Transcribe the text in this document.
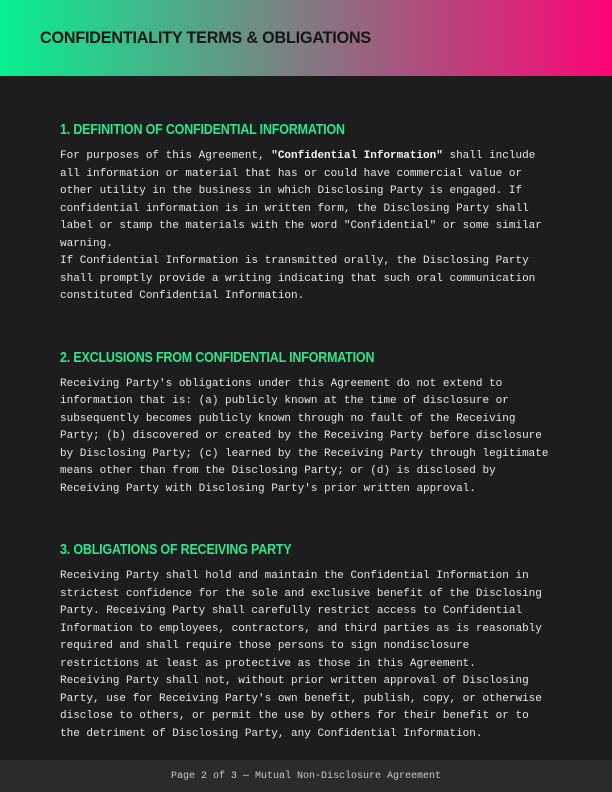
CONFIDENTIALITY TERMS & OBLIGATIONS
1. DEFINITION OF CONFIDENTIAL INFORMATION

For purposes of this Agreement, "Confidential Information" shall include all information or material that has or could have commercial value or other utility in the business in which Disclosing Party is engaged. If confidential information is in written form, the Disclosing Party shall label or stamp the materials with the word "Confidential" or some similar warning.

If Confidential Information is transmitted orally, the Disclosing Party shall promptly provide a writing indicating that such oral communication constituted Confidential Information.

2. EXCLUSIONS FROM CONFIDENTIAL INFORMATION

Receiving Party's obligations under this Agreement do not extend to information that is: (a) publicly known at the time of disclosure or subsequently becomes publicly known through no fault of the Receiving Party; (b) discovered or created by the Receiving Party before disclosure by Disclosing Party; (c) learned by the Receiving Party through legitimate means other than from the Disclosing Party; or (d) is disclosed by Receiving Party with Disclosing Party's prior written approval.

3. OBLIGATIONS OF RECEIVING PARTY

Receiving Party shall hold and maintain the Confidential Information in strictest confidence for the sole and exclusive benefit of the Disclosing Party. Receiving Party shall carefully restrict access to Confidential Information to employees, contractors, and third parties as is reasonably required and shall require those persons to sign nondisclosure restrictions at least as protective as those in this Agreement.

Receiving Party shall not, without prior written approval of Disclosing Party, use for Receiving Party's own benefit, publish, copy, or otherwise disclose to others, or permit the use by others for their benefit or to the detriment of Disclosing Party, any Confidential Information.

Page 2 of 3 — Mutual Non-Disclosure Agreement
